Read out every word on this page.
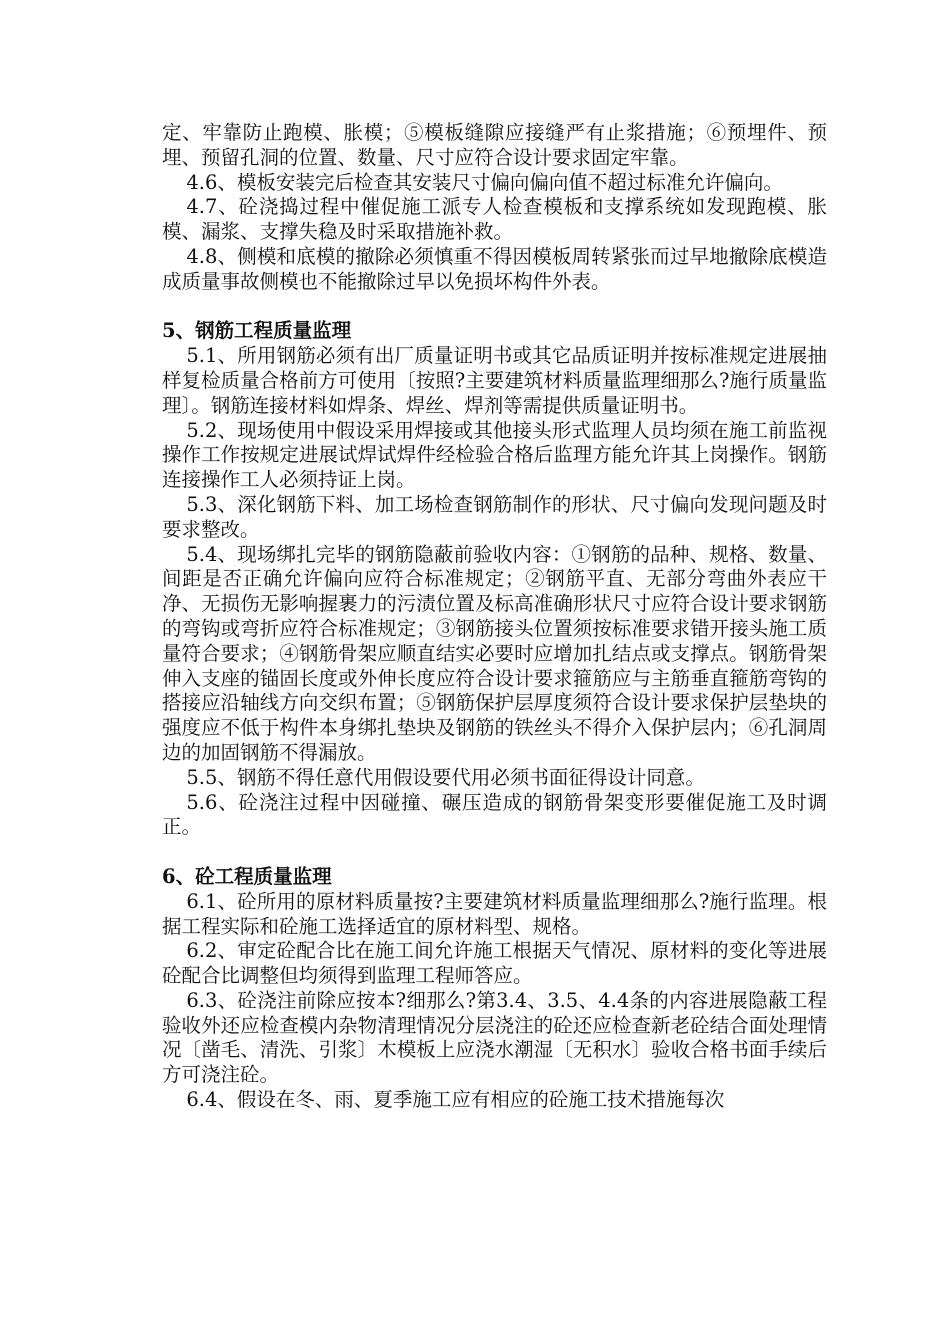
定、牢靠防止跑模、胀模；⑤模板缝隙应接缝严有止浆措施；⑥预埋件、预埋、预留孔洞的位置、数量、尺寸应符合设计要求固定牢靠。

4.6、模板安装完后检查其安装尺寸偏向偏向值不超过标准允许偏向。

4.7、砼浇捣过程中催促施工派专人检查模板和支撑系统如发现跑模、胀模、漏浆、支撑失稳及时采取措施补救。

4.8、侧模和底模的撤除必须慎重不得因模板周转紧张而过早地撤除底模造成质量事故侧模也不能撤除过早以免损坏构件外表。

5、钢筋工程质量监理

5.1、所用钢筋必须有出厂质量证明书或其它品质证明并按标准规定进展抽样复检质量合格前方可使用〔按照?主要建筑材料质量监理细那么?施行质量监理〕。钢筋连接材料如焊条、焊丝、焊剂等需提供质量证明书。

5.2、现场使用中假设采用焊接或其他接头形式监理人员均须在施工前监视操作工作按规定进展试焊试焊件经检验合格后监理方能允许其上岗操作。钢筋连接操作工人必须持证上岗。

5.3、深化钢筋下料、加工场检查钢筋制作的形状、尺寸偏向发现问题及时要求整改。

5.4、现场绑扎完毕的钢筋隐蔽前验收内容：①钢筋的品种、规格、数量、间距是否正确允许偏向应符合标准规定；②钢筋平直、无部分弯曲外表应干净、无损伤无影响握裹力的污渍位置及标高准确形状尺寸应符合设计要求钢筋的弯钩或弯折应符合标准规定；③钢筋接头位置须按标准要求错开接头施工质量符合要求；④钢筋骨架应顺直结实必要时应增加扎结点或支撑点。钢筋骨架伸入支座的锚固长度或外伸长度应符合设计要求箍筋应与主筋垂直箍筋弯钩的搭接应沿轴线方向交织布置；⑤钢筋保护层厚度须符合设计要求保护层垫块的强度应不低于构件本身绑扎垫块及钢筋的铁丝头不得介入保护层内；⑥孔洞周边的加固钢筋不得漏放。

5.5、钢筋不得任意代用假设要代用必须书面征得设计同意。

5.6、砼浇注过程中因碰撞、碾压造成的钢筋骨架变形要催促施工及时调正。

6、砼工程质量监理

6.1、砼所用的原材料质量按?主要建筑材料质量监理细那么?施行监理。根据工程实际和砼施工选择适宜的原材料型、规格。

6.2、审定砼配合比在施工间允许施工根据天气情况、原材料的变化等进展砼配合比调整但均须得到监理工程师答应。

6.3、砼浇注前除应按本?细那么?第3.4、3.5、4.4条的内容进展隐蔽工程验收外还应检查模内杂物清理情况分层浇注的砼还应检查新老砼结合面处理情况〔凿毛、清洗、引浆〕木模板上应浇水潮湿〔无积水〕验收合格书面手续后方可浇注砼。

6.4、假设在冬、雨、夏季施工应有相应的砼施工技术措施每次
